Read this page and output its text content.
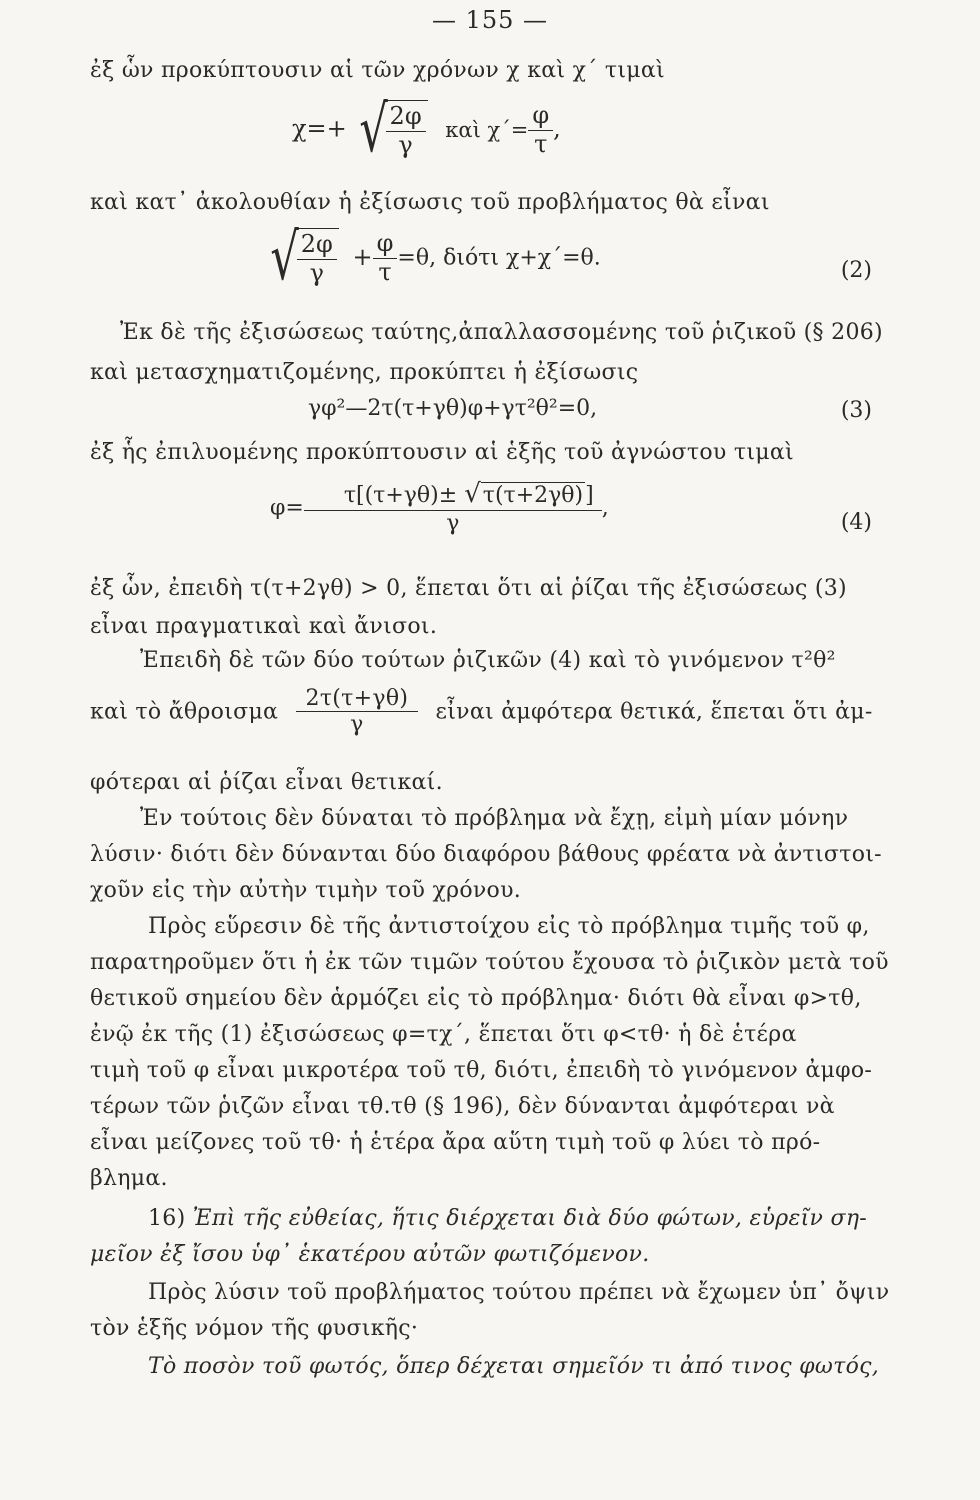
— 155 —
ἐξ ὧν προκύπτουσιν αἱ τῶν χρόνων χ καὶ χ΄ τιμαὶ
χ=+ √
$\frac{2\varphi}{\gamma}$ καὶ $\chi΄= \frac{\varphi}{\tau}$ ,
καὶ κατ᾿ ἀκολουθίαν ἡ ἐξίσωσις τοῦ προβλήματος θὰ εἶναι
√
$\frac{2\varphi}{\gamma} + \frac{\varphi}{\tau} =\theta$, διότι χ+χ΄=θ.	(2)
Ἐκ δὲ τῆς ἐξισώσεως ταύτης,ἀπαλλασσομένης τοῦ ῥιζικοῦ (§ 206)
καὶ μετασχηματιζομένης, προκύπτει ἡ ἐξίσωσις
γφ²—2τ(τ+γθ)φ+γτ²θ²=0,	(3)
ἐξ ἧς ἐπιλυομένης προκύπτουσιν αἱ ἑξῆς τοῦ ἀγνώστου τιμαὶ
$\varphi= \frac{\tau[(\tau+\gamma\theta)\pm √\tau(\tau+2\gamma\theta)]}{\gamma}$ ,
(4)
ἐξ ὧν, ἐπειδὴ τ(τ+2γθ) > 0, ἕπεται ὅτι αἱ ῥίζαι τῆς ἐξισώσεως (3)
εἶναι πραγματικαὶ καὶ ἄνισοι.
Ἐπειδὴ δὲ τῶν δύο τούτων ῥιζικῶν (4) καὶ τὸ γινόμενον τ²θ²
καὶ τὸ ἄθροισμα $\frac{2\tau(\tau+\gamma\theta)}{\gamma}$ εἶναι ἀμφότερα θετικά, ἕπεται ὅτι ἀμ-
φότεραι αἱ ῥίζαι εἶναι θετικαί.
Ἐν τούτοις δὲν δύναται τὸ πρόβλημα νὰ ἔχῃ, εἰμὴ μίαν μόνην
λύσιν· διότι δὲν δύνανται δύο διαφόρου βάθους φρέατα νὰ ἀντιστοι-
χοῦν εἰς τὴν αὐτὴν τιμὴν τοῦ χρόνου.
Πρὸς εὕρεσιν δὲ τῆς ἀντιστοίχου εἰς τὸ πρόβλημα τιμῆς τοῦ φ,
παρατηροῦμεν ὅτι ἡ ἐκ τῶν τιμῶν τούτου ἔχουσα τὸ ῥιζικὸν μετὰ τοῦ
θετικοῦ σημείου δὲν ἁρμόζει εἰς τὸ πρόβλημα· διότι θὰ εἶναι φ>τθ,
ἐνῷ ἐκ τῆς (1) ἐξισώσεως φ=τχ΄, ἕπεται ὅτι φ<τθ· ἡ δὲ ἑτέρα
τιμὴ τοῦ φ εἶναι μικροτέρα τοῦ τθ, διότι, ἐπειδὴ τὸ γινόμενον ἀμφο-
τέρων τῶν ῥιζῶν εἶναι τθ.τθ (§ 196), δὲν δύνανται ἀμφότεραι νὰ
εἶναι μείζονες τοῦ τθ· ἡ ἑτέρα ἄρα αὕτη τιμὴ τοῦ φ λύει τὸ πρό-
βλημα.
16) Ἐπὶ τῆς εὐθείας, ἥτις διέρχεται διὰ δύο φώτων, εὑρεῖν ση-
μεῖον ἐξ ἴσου ὑφ᾿ ἑκατέρου αὐτῶν φωτιζόμενον.
Πρὸς λύσιν τοῦ προβλήματος τούτου πρέπει νὰ ἔχωμεν ὑπ᾿ ὄψιν
τὸν ἑξῆς νόμον τῆς φυσικῆς·
Τὸ ποσὸν τοῦ φωτός, ὅπερ δέχεται σημεῖόν τι ἀπό τινος φωτός,
